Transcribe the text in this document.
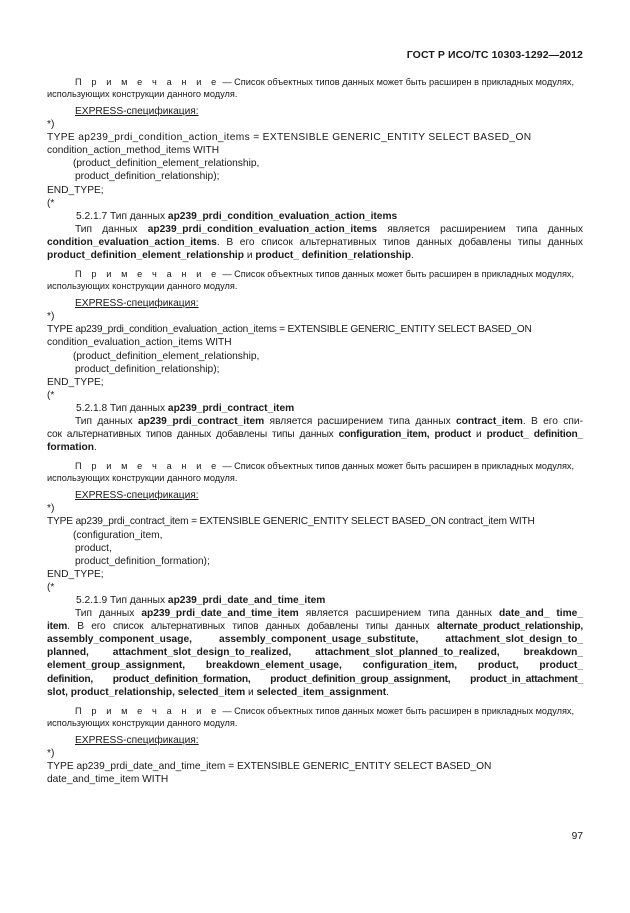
ГОСТ Р ИСО/ТС 10303-1292—2012

П р и м е ч а н и е — Список объектных типов данных может быть расширен в прикладных модулях,

использующих конструкции данного модуля.

EXPRESS-спецификация:

*)

TYPE ap239_prdi_condition_action_items = EXTENSIBLE GENERIC_ENTITY SELECT BASED_ON

condition_action_method_items WITH

(product_definition_element_relationship,

product_definition_relationship);

END_TYPE;

(*

5.2.1.7 Тип данных ap239_prdi_condition_evaluation_action_items

Тип данных ap239_prdi_condition_evaluation_action_items является расширением типа данных

condition_evaluation_action_items. В его список альтернативных типов данных добавлены типы данных

product_definition_element_relationship и product_ definition_relationship.

П р и м е ч а н и е — Список объектных типов данных может быть расширен в прикладных модулях,

использующих конструкции данного модуля.

EXPRESS-спецификация:

*)

TYPE ap239_prdi_condition_evaluation_action_items = EXTENSIBLE GENERIC_ENTITY SELECT BASED_ON

condition_evaluation_action_items WITH

(product_definition_element_relationship,

product_definition_relationship);

END_TYPE;

(*

5.2.1.8 Тип данных ap239_prdi_contract_item

Тип данных ap239_prdi_contract_item является расширением типа данных contract_item. В его спи-

сок альтернативных типов данных добавлены типы данных configuration_item, product и product_ definition_

formation.

П р и м е ч а н и е — Список объектных типов данных может быть расширен в прикладных модулях,

использующих конструкции данного модуля.

EXPRESS-спецификация:

*)

TYPE ap239_prdi_contract_item = EXTENSIBLE GENERIC_ENTITY SELECT BASED_ON contract_item WITH

(configuration_item,

product,

product_definition_formation);

END_TYPE;

(*

5.2.1.9 Тип данных ap239_prdi_date_and_time_item

Тип данных ap239_prdi_date_and_time_item является расширением типа данных date_and_ time_

item. В его список альтернативных типов данных добавлены типы данных alternate_product_relationship,

assembly_component_usage, assembly_component_usage_substitute, attachment_slot_design_to_

planned, attachment_slot_design_to_realized, attachment_slot_planned_to_realized, breakdown_

element_group_assignment, breakdown_element_usage, configuration_item, product, product_

definition, product_definition_formation, product_definition_group_assignment, product_in_attachment_

slot, product_relationship, selected_item и selected_item_assignment.

П р и м е ч а н и е — Список объектных типов данных может быть расширен в прикладных модулях,

использующих конструкции данного модуля.

EXPRESS-спецификация:

*)

TYPE ap239_prdi_date_and_time_item = EXTENSIBLE GENERIC_ENTITY SELECT BASED_ON

date_and_time_item WITH

97
